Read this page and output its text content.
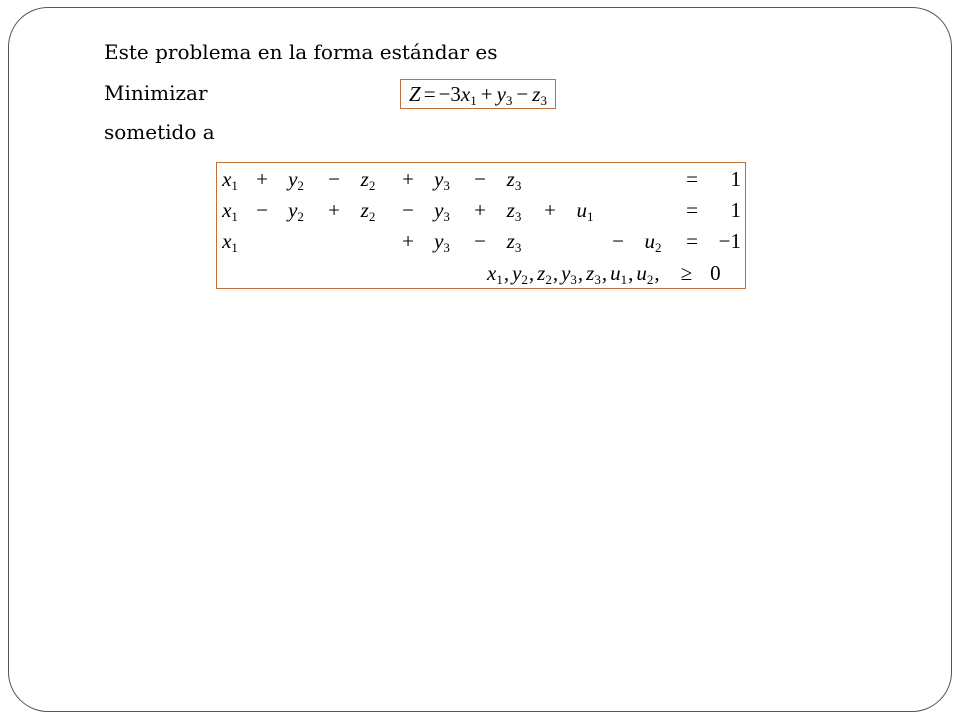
Este problema en la forma estándar es
Minimizar
sometido a
Z = −3 $x_1 + y_3 - z_3$
$x_1 + y_2$	− $z_2$	+ $y_3$	− $z_3$	=	1
$x_1 - y_2$	+ $z_2$	− $y_3$	+ $z_3$	+ $u_1$	=	1
$x_1$	+ $y_3$	− $z_3$	− $u_2$	= −1
$x_1$, $y_2$, $z_2$, $y_3$, $z_3$, $u_1$, $u_2$, ≥ 0
